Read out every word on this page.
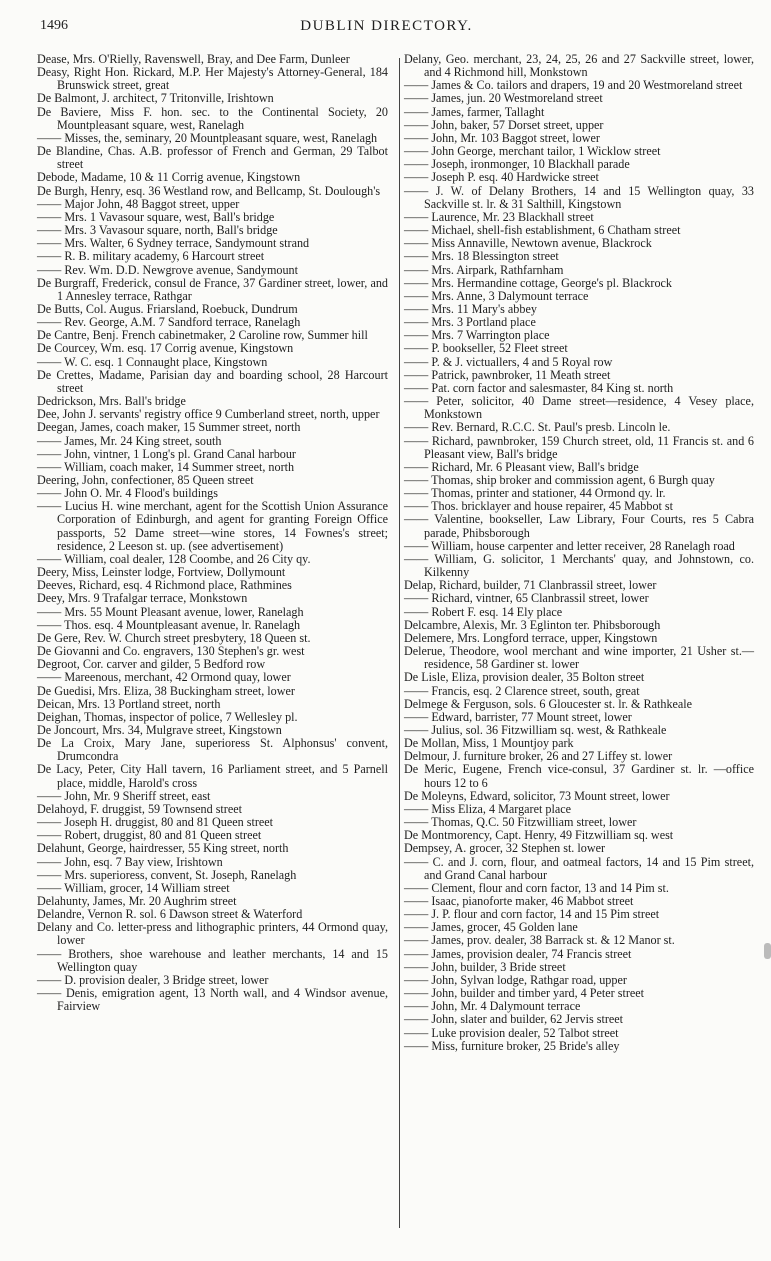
1496	DUBLIN DIRECTORY.

Dease, Mrs. O'Rielly, Ravenswell, Bray, and Dee Farm, Dunleer

Deasy, Right Hon. Rickard, M.P. Her Majesty's Attorney-General, 184 Brunswick street, great

De Balmont, J. architect, 7 Tritonville, Irishtown

De Baviere, Miss F. hon. sec. to the Continental Society, 20 Mountpleasant square, west, Ranelagh

—— Misses, the, seminary, 20 Mountpleasant square, west, Ranelagh

De Blandine, Chas. A.B. professor of French and German, 29 Talbot street

Debode, Madame, 10 & 11 Corrig avenue, Kingstown

De Burgh, Henry, esq. 36 Westland row, and Bellcamp, St. Doulough's

—— Major John, 48 Baggot street, upper

—— Mrs. 1 Vavasour square, west, Ball's bridge

—— Mrs. 3 Vavasour square, north, Ball's bridge

—— Mrs. Walter, 6 Sydney terrace, Sandymount strand

—— R. B. military academy, 6 Harcourt street

—— Rev. Wm. D.D. Newgrove avenue, Sandymount

De Burgraff, Frederick, consul de France, 37 Gardiner street, lower, and 1 Annesley terrace, Rathgar

De Butts, Col. Augus. Friarsland, Roebuck, Dundrum

—— Rev. George, A.M. 7 Sandford terrace, Ranelagh

De Cantre, Benj. French cabinetmaker, 2 Caroline row, Summer hill

De Courcey, Wm. esq. 17 Corrig avenue, Kingstown

—— W. C. esq. 1 Connaught place, Kingstown

De Crettes, Madame, Parisian day and boarding school, 28 Harcourt street

Dedrickson, Mrs. Ball's bridge

Dee, John J. servants' registry office 9 Cumberland street, north, upper

Deegan, James, coach maker, 15 Summer street, north

—— James, Mr. 24 King street, south

—— John, vintner, 1 Long's pl. Grand Canal harbour

—— William, coach maker, 14 Summer street, north

Deering, John, confectioner, 85 Queen street

—— John O. Mr. 4 Flood's buildings

—— Lucius H. wine merchant, agent for the Scottish Union Assurance Corporation of Edinburgh, and agent for granting Foreign Office passports, 52 Dame street—wine stores, 14 Fownes's street; residence, 2 Leeson st. up. (see advertisement)

—— William, coal dealer, 128 Coombe, and 26 City qy.

Deery, Miss, Leinster lodge, Fortview, Dollymount

Deeves, Richard, esq. 4 Richmond place, Rathmines

Deey, Mrs. 9 Trafalgar terrace, Monkstown

—— Mrs. 55 Mount Pleasant avenue, lower, Ranelagh

—— Thos. esq. 4 Mountpleasant avenue, lr. Ranelagh

De Gere, Rev. W. Church street presbytery, 18 Queen st.

De Giovanni and Co. engravers, 130 Stephen's gr. west

Degroot, Cor. carver and gilder, 5 Bedford row

—— Mareenous, merchant, 42 Ormond quay, lower

De Guedisi, Mrs. Eliza, 38 Buckingham street, lower

Deican, Mrs. 13 Portland street, north

Deighan, Thomas, inspector of police, 7 Wellesley pl.

De Joncourt, Mrs. 34, Mulgrave street, Kingstown

De La Croix, Mary Jane, superioress St. Alphonsus' convent, Drumcondra

De Lacy, Peter, City Hall tavern, 16 Parliament street, and 5 Parnell place, middle, Harold's cross

—— John, Mr. 9 Sheriff street, east

Delahoyd, F. druggist, 59 Townsend street

—— Joseph H. druggist, 80 and 81 Queen street

—— Robert, druggist, 80 and 81 Queen street

Delahunt, George, hairdresser, 55 King street, north

—— John, esq. 7 Bay view, Irishtown

—— Mrs. superioress, convent, St. Joseph, Ranelagh

—— William, grocer, 14 William street

Delahunty, James, Mr. 20 Aughrim street

Delandre, Vernon R. sol. 6 Dawson street & Waterford

Delany and Co. letter-press and lithographic printers, 44 Ormond quay, lower

—— Brothers, shoe warehouse and leather merchants, 14 and 15 Wellington quay

—— D. provision dealer, 3 Bridge street, lower

—— Denis, emigration agent, 13 North wall, and 4 Windsor avenue, Fairview

Delany, Geo. merchant, 23, 24, 25, 26 and 27 Sackville street, lower, and 4 Richmond hill, Monkstown

—— James & Co. tailors and drapers, 19 and 20 Westmoreland street

—— James, jun. 20 Westmoreland street

—— James, farmer, Tallaght

—— John, baker, 57 Dorset street, upper

—— John, Mr. 103 Baggot street, lower

—— John George, merchant tailor, 1 Wicklow street

—— Joseph, ironmonger, 10 Blackhall parade

—— Joseph P. esq. 40 Hardwicke street

—— J. W. of Delany Brothers, 14 and 15 Wellington quay, 33 Sackville st. lr. & 31 Salthill, Kingstown

—— Laurence, Mr. 23 Blackhall street

—— Michael, shell-fish establishment, 6 Chatham street

—— Miss Annaville, Newtown avenue, Blackrock

—— Mrs. 18 Blessington street

—— Mrs. Airpark, Rathfarnham

—— Mrs. Hermandine cottage, George's pl. Blackrock

—— Mrs. Anne, 3 Dalymount terrace

—— Mrs. 11 Mary's abbey

—— Mrs. 3 Portland place

—— Mrs. 7 Warrington place

—— P. bookseller, 52 Fleet street

—— P. & J. victuallers, 4 and 5 Royal row

—— Patrick, pawnbroker, 11 Meath street

—— Pat. corn factor and salesmaster, 84 King st. north

—— Peter, solicitor, 40 Dame street—residence, 4 Vesey place, Monkstown

—— Rev. Bernard, R.C.C. St. Paul's presb. Lincoln le.

—— Richard, pawnbroker, 159 Church street, old, 11 Francis st. and 6 Pleasant view, Ball's bridge

—— Richard, Mr. 6 Pleasant view, Ball's bridge

—— Thomas, ship broker and commission agent, 6 Burgh quay

—— Thomas, printer and stationer, 44 Ormond qy. lr.

—— Thos. bricklayer and house repairer, 45 Mabbot st

—— Valentine, bookseller, Law Library, Four Courts, res 5 Cabra parade, Phibsborough

—— William, house carpenter and letter receiver, 28 Ranelagh road

—— William, G. solicitor, 1 Merchants' quay, and Johnstown, co. Kilkenny

Delap, Richard, builder, 71 Clanbrassil street, lower

—— Richard, vintner, 65 Clanbrassil street, lower

—— Robert F. esq. 14 Ely place

Delcambre, Alexis, Mr. 3 Eglinton ter. Phibsborough

Delemere, Mrs. Longford terrace, upper, Kingstown

Delerue, Theodore, wool merchant and wine importer, 21 Usher st.—residence, 58 Gardiner st. lower

De Lisle, Eliza, provision dealer, 35 Bolton street

—— Francis, esq. 2 Clarence street, south, great

Delmege & Ferguson, sols. 6 Gloucester st. lr. & Rathkeale

—— Edward, barrister, 77 Mount street, lower

—— Julius, sol. 36 Fitzwilliam sq. west, & Rathkeale

De Mollan, Miss, 1 Mountjoy park

Delmour, J. furniture broker, 26 and 27 Liffey st. lower

De Meric, Eugene, French vice-consul, 37 Gardiner st. lr. —office hours 12 to 6

De Moleyns, Edward, solicitor, 73 Mount street, lower

—— Miss Eliza, 4 Margaret place

—— Thomas, Q.C. 50 Fitzwilliam street, lower

De Montmorency, Capt. Henry, 49 Fitzwilliam sq. west

Dempsey, A. grocer, 32 Stephen st. lower

—— C. and J. corn, flour, and oatmeal factors, 14 and 15 Pim street, and Grand Canal harbour

—— Clement, flour and corn factor, 13 and 14 Pim st.

—— Isaac, pianoforte maker, 46 Mabbot street

—— J. P. flour and corn factor, 14 and 15 Pim street

—— James, grocer, 45 Golden lane

—— James, prov. dealer, 38 Barrack st. & 12 Manor st.

—— James, provision dealer, 74 Francis street

—— John, builder, 3 Bride street

—— John, Sylvan lodge, Rathgar road, upper

—— John, builder and timber yard, 4 Peter street

—— John, Mr. 4 Dalymount terrace

—— John, slater and builder, 62 Jervis street

—— Luke provision dealer, 52 Talbot street

—— Miss, furniture broker, 25 Bride's alley
